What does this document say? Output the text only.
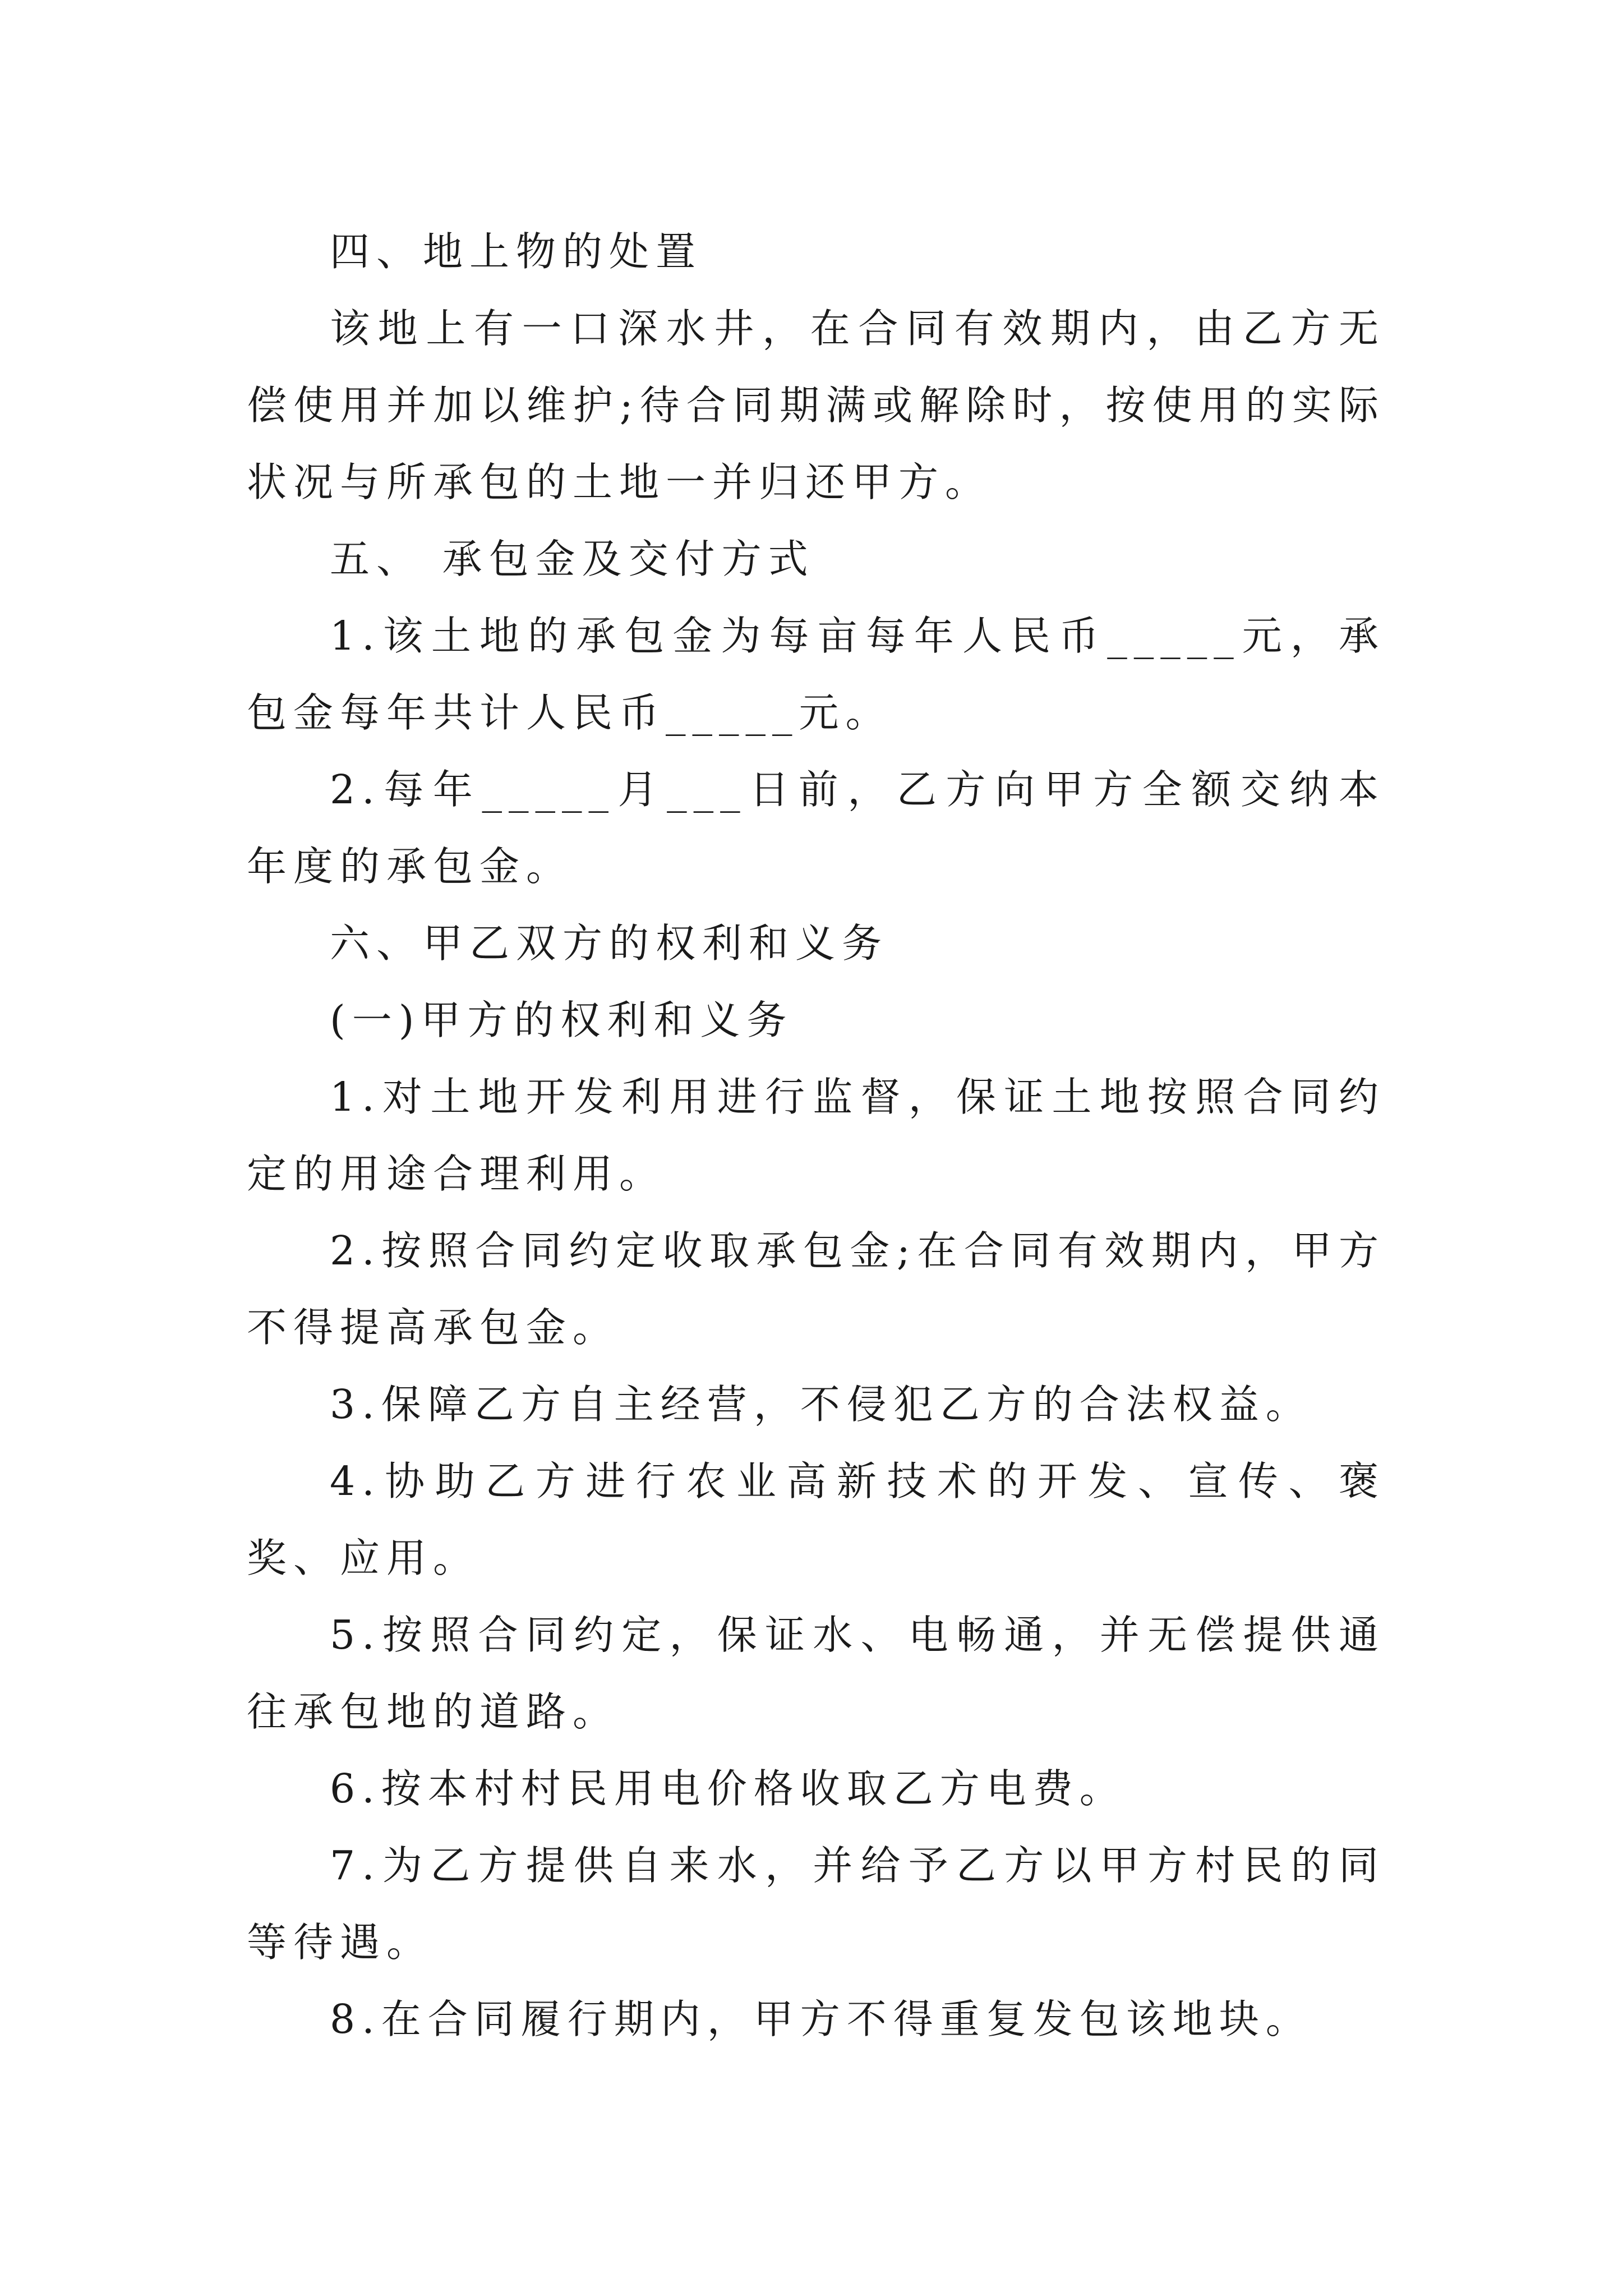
四、地上物的处置

该地上有一口深水井，在合同有效期内，由乙方无偿使用并加以维护;待合同期满或解除时，按使用的实际状况与所承包的土地一并归还甲方。

五、 承包金及交付方式

1.该土地的承包金为每亩每年人民币_____元，承包金每年共计人民币_____元。

2.每年_____月___日前，乙方向甲方全额交纳本年度的承包金。

六、甲乙双方的权利和义务

(一)甲方的权利和义务

1.对土地开发利用进行监督，保证土地按照合同约定的用途合理利用。

2.按照合同约定收取承包金;在合同有效期内，甲方不得提高承包金。

3.保障乙方自主经营，不侵犯乙方的合法权益。

4.协助乙方进行农业高新技术的开发、宣传、褒奖、应用。

5.按照合同约定，保证水、电畅通，并无偿提供通往承包地的道路。

6.按本村村民用电价格收取乙方电费。

7.为乙方提供自来水，并给予乙方以甲方村民的同等待遇。

8.在合同履行期内，甲方不得重复发包该地块。
